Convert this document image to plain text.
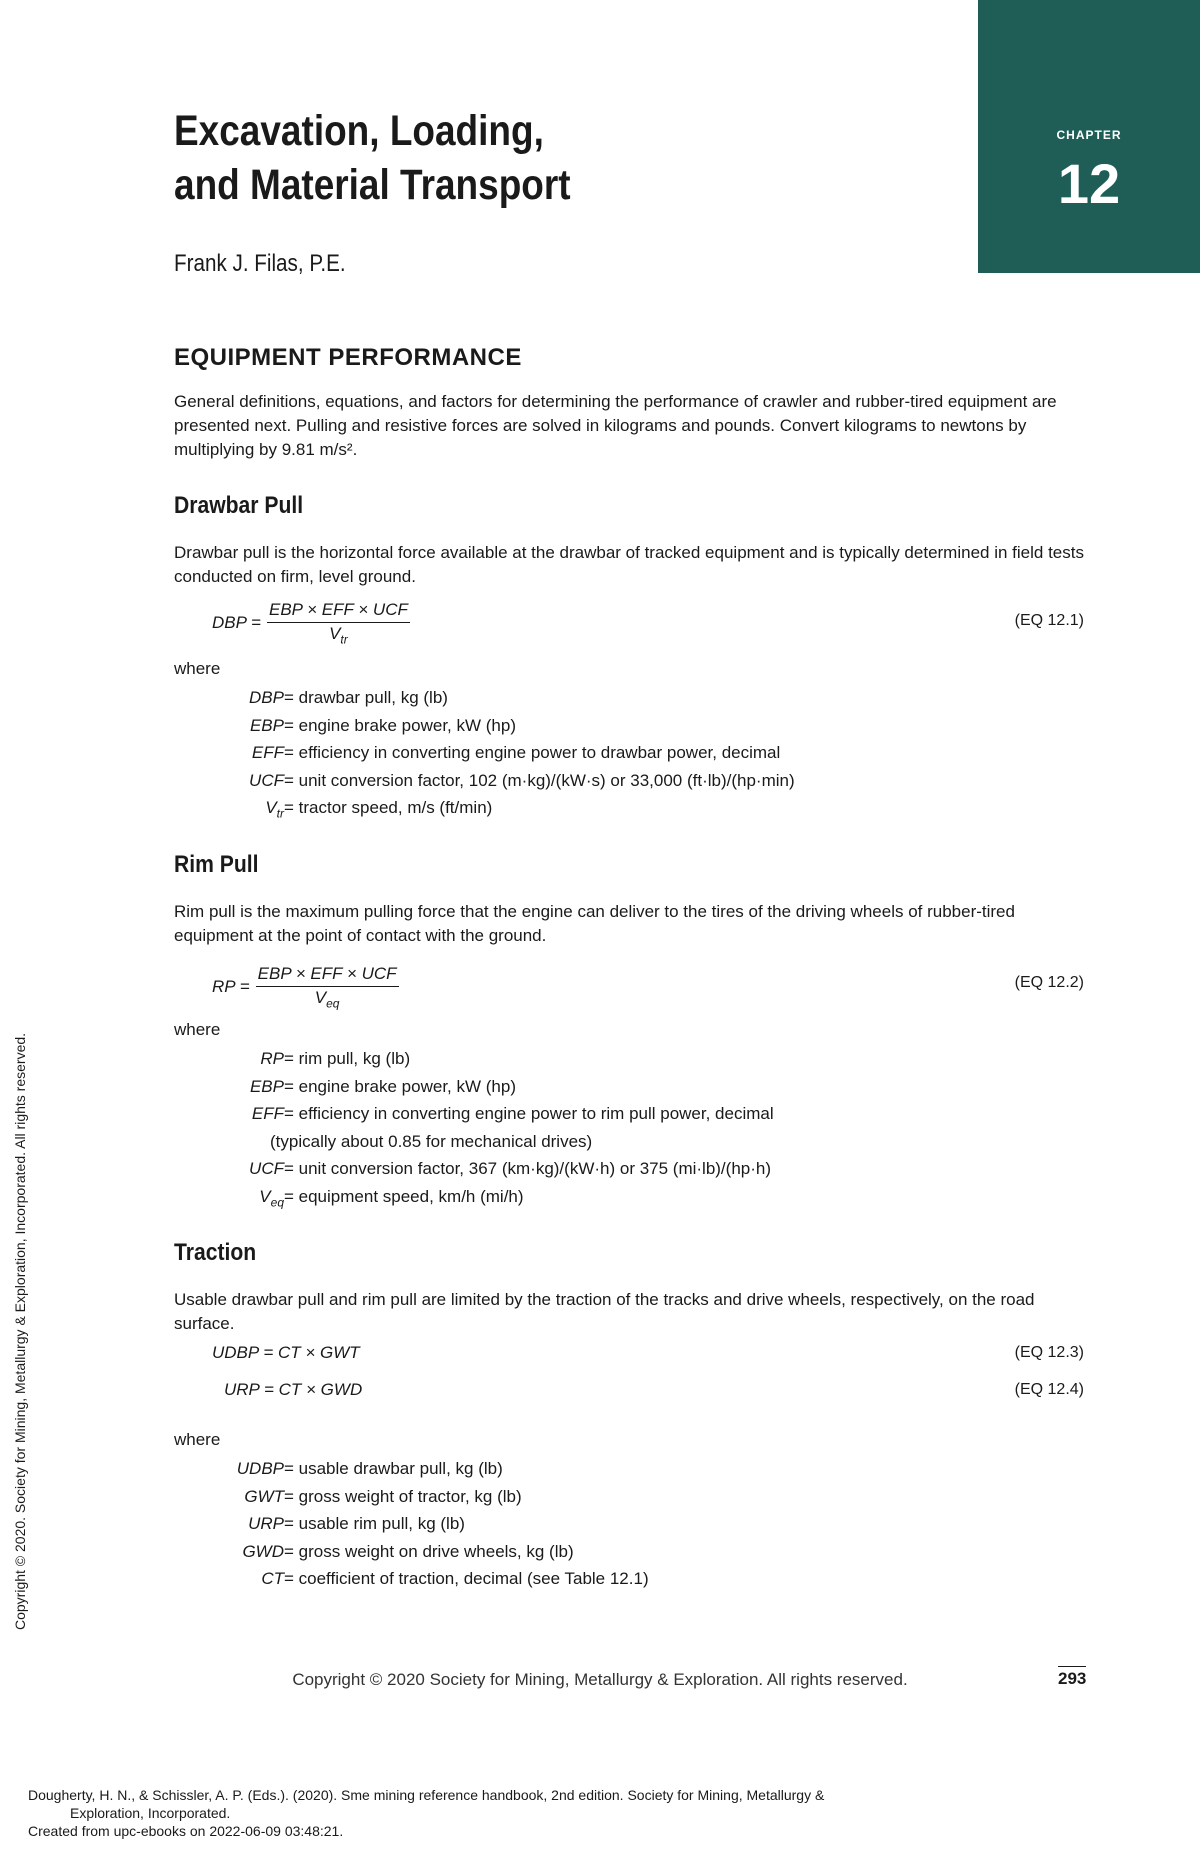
CHAPTER
12
Excavation, Loading,
and Material Transport

Frank J. Filas, P.E.

EQUIPMENT PERFORMANCE

General definitions, equations, and factors for determining the performance of crawler and rubber-tired equipment are presented next. Pulling and resistive forces are solved in kilograms and pounds. Convert kilograms to newtons by multiplying by 9.81 m/s².

Drawbar Pull

Drawbar pull is the horizontal force available at the drawbar of tracked equipment and is typically determined in field tests conducted on firm, level ground.

DBP = $\frac{\text{EBP × EFF × UCF}}{V_{tr}}$	(EQ 12.1)

where

DBP = drawbar pull, kg (lb)
EBP = engine brake power, kW (hp)
EFF = efficiency in converting engine power to drawbar power, decimal
UCF = unit conversion factor, 102 (m·kg)/(kW·s) or 33,000 (ft·lb)/(hp·min)
$V_{tr}$ = tractor speed, m/s (ft/min)
Rim Pull

Rim pull is the maximum pulling force that the engine can deliver to the tires of the driving wheels of rubber-tired equipment at the point of contact with the ground.

RP = $\frac{\text{EBP × EFF × UCF}}{V_{eq}}$	(EQ 12.2)

where

RP = rim pull, kg (lb)
EBP = engine brake power, kW (hp)
EFF = efficiency in converting engine power to rim pull power, decimal
(typically about 0.85 for mechanical drives)
UCF = unit conversion factor, 367 (km·kg)/(kW·h) or 375 (mi·lb)/(hp·h)
$V_{eq}$ = equipment speed, km/h (mi/h)
Traction

Usable drawbar pull and rim pull are limited by the traction of the tracks and drive wheels, respectively, on the road surface.

UDBP = CT × GWT	(EQ 12.3)
URP = CT × GWD	(EQ 12.4)

where

UDBP = usable drawbar pull, kg (lb)
GWT = gross weight of tractor, kg (lb)
URP = usable rim pull, kg (lb)
GWD = gross weight on drive wheels, kg (lb)
CT = coefficient of traction, decimal (see Table 12.1)
Copyright © 2020 Society for Mining, Metallurgy & Exploration. All rights reserved.	293
Copyright © 2020. Society for Mining, Metallurgy & Exploration, Incorporated. All rights reserved.
Dougherty, H. N., & Schissler, A. P. (Eds.). (2020). Sme mining reference handbook, 2nd edition. Society for Mining, Metallurgy &
Exploration, Incorporated.
Created from upc-ebooks on 2022-06-09 03:48:21.
